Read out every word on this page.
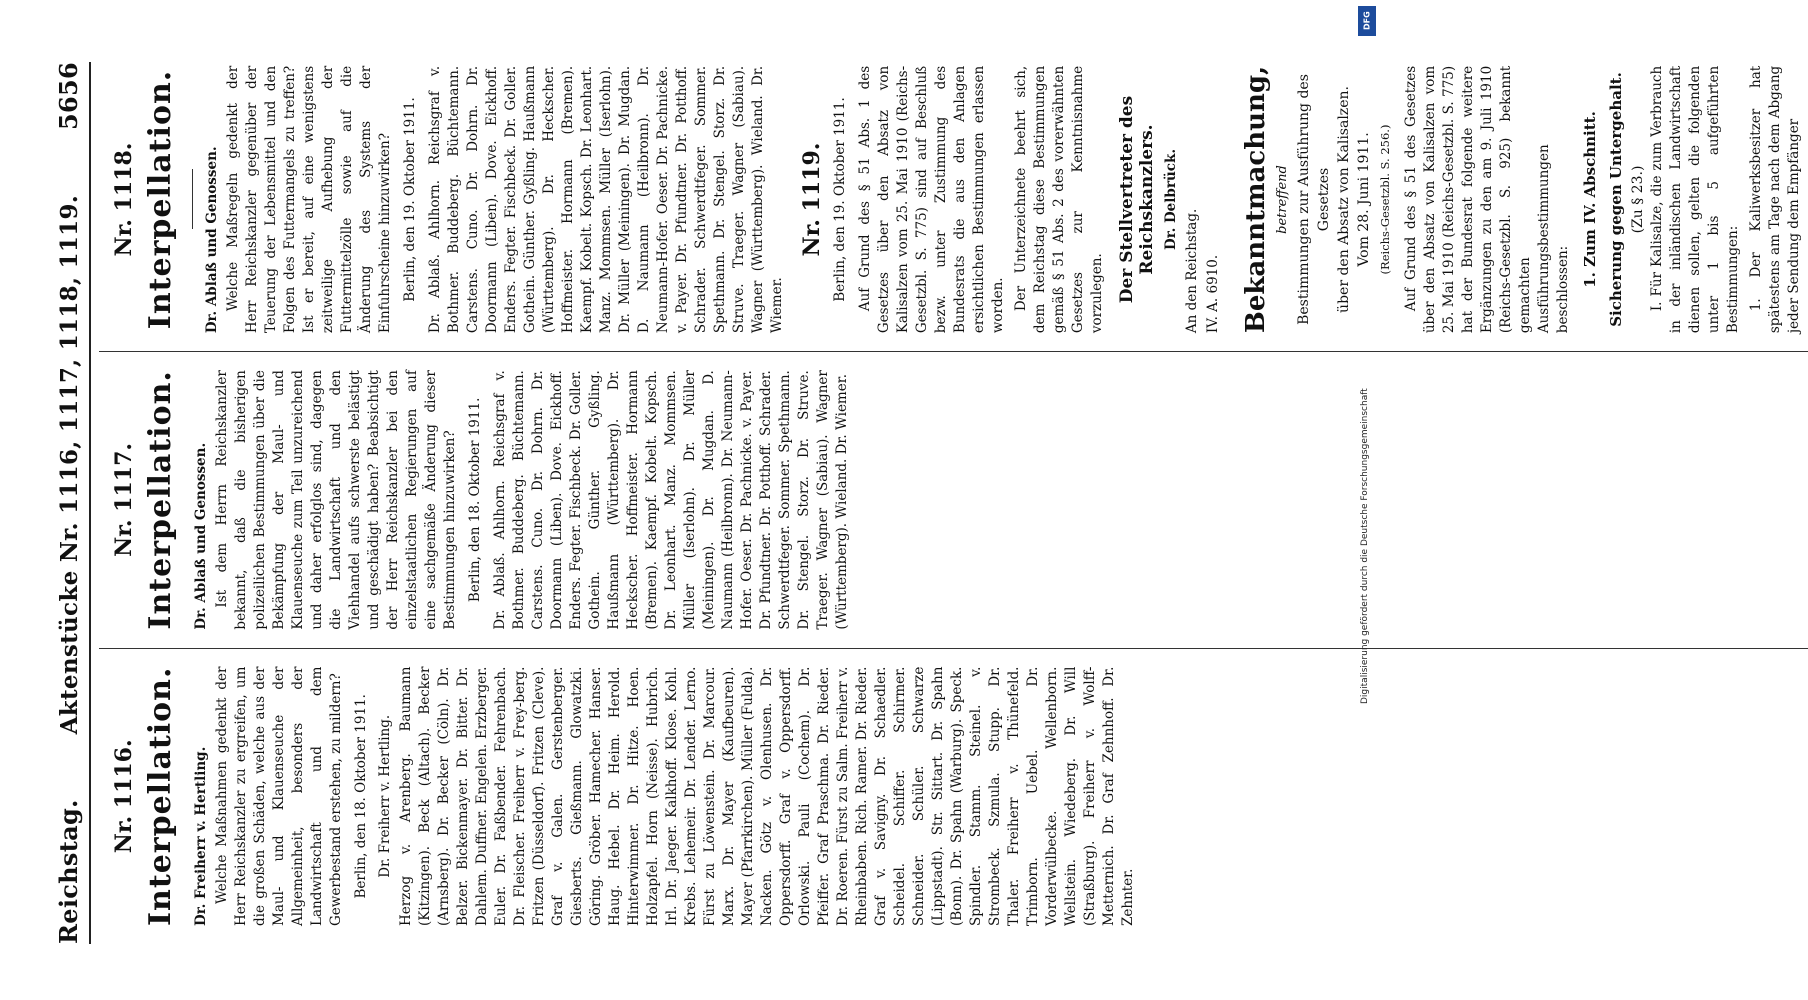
Reichstag.
Aktenstücke Nr. 1116, 1117, 1118, 1119.
5656
Nr. 1116. Interpellation. Dr. Freiherr v. Hertling. Welche Maßnahmen gedenkt der Herr Reichskanzler zu ergreifen, um die großen Schäden, welche aus der Maul- und Klauenseuche der Allgemeinheit, besonders der Landwirtschaft und dem Gewerbestand erstehen, zu mildern? Berlin, den 18. Oktober 1911. Dr. Freiherr v. Hertling. Herzog v. Arenberg. Baumann (Kitzingen). Beck (Altach). Becker (Arnsberg). Dr. Becker (Cöln). Dr. Belzer. Bickenmayer. Dr. Bitter. Dr. Dahlem. Duffner. Engelen. Erzberger. Euler. Dr. Faßbender. Fehrenbach. Dr. Fleischer. Freiherr v. Frey-berg. Fritzen (Düsseldorf). Fritzen (Cleve). Graf v. Galen. Gerstenberger. Giesberts. Gießmann. Glowatzki. Göring. Gröber. Hamecher. Hanser. Haug. Hebel. Dr. Heim. Herold. Hinterwimmer. Dr. Hitze. Hoen. Holzapfel. Horn (Neisse). Hubrich. Irl. Dr. Jaeger. Kalkhoff. Klose. Kohl. Krebs. Lehemeir. Dr. Lender. Lerno. Fürst zu Löwenstein. Dr. Marcour. Marx. Dr. Mayer (Kaufbeuren). Mayer (Pfarrkirchen). Müller (Fulda). Nacken. Götz v. Olenhusen. Dr. Oppersdorff. Graf v. Oppersdorff. Orlowski. Pauli (Cochem). Dr. Pfeiffer. Graf Praschma. Dr. Rieder. Dr. Roeren. Fürst zu Salm. Freiherr v. Rheinbaben. Rich. Ramer. Dr. Rieder. Graf v. Savigny. Dr. Schaedler. Scheidel. Schiffer. Schirmer. Schneider. Schüler. Schwarze (Lippstadt). Str. Sittart. Dr. Spahn (Bonn). Dr. Spahn (Warburg). Speck. Spindler. Stamm. Steinel. v. Strombeck. Szmula. Stupp. Dr. Thaler. Freiherr v. Thünefeld. Trimborn. Uebel. Dr. Vorderwülbecke. Wellenborn. Wellstein. Wiedeberg. Dr. Will (Straßburg). Freiherr v. Wolff-Metternich. Dr. Graf Zehnhoff. Dr. Zehnter.
Nr. 1117. Interpellation. Dr. Ablaß und Genossen. Ist dem Herrn Reichskanzler bekannt, daß die bisherigen polizeilichen Bestimmungen über die Bekämpfung der Maul- und Klauenseuche zum Teil unzureichend und daher erfolglos sind, dagegen die Landwirtschaft und den Viehhandel aufs schwerste belästigt und geschädigt haben? Beabsichtigt der Herr Reichskanzler bei den einzelstaatlichen Regierungen auf eine sachgemäße Änderung dieser Bestimmungen hinzuwirken? Berlin, den 18. Oktober 1911. Dr. Ablaß. Ahlhorn. Reichsgraf v. Bothmer. Buddeberg. Büchtemann. Carstens. Cuno. Dr. Dohrn. Dr. Doormann (Liben). Dove. Eickhoff. Enders. Fegter. Fischbeck. Dr. Goller. Gothein. Günther. Gyßling. Haußmann (Württemberg). Dr. Heckscher. Hoffmeister. Hormann (Bremen). Kaempf. Kobelt. Kopsch. Dr. Leonhart. Manz. Mommsen. Müller (Iserlohn). Dr. Müller (Meiningen). Dr. Mugdan. D. Naumann (Heilbronn). Dr. Neumann-Hofer. Oeser. Dr. Pachnicke. v. Payer. Dr. Pfundtner. Dr. Potthoff. Schrader. Schwerdtfeger. Sommer. Spethmann. Dr. Stengel. Storz. Dr. Struve. Traeger. Wagner (Sabiau). Wagner (Württemberg). Wieland. Dr. Wiemer.
Nr. 1118. Interpellation. Dr. Ablaß und Genossen. Welche Maßregeln gedenkt der Herr Reichskanzler gegenüber der Teuerung der Lebensmittel und den Folgen des Futtermangels zu treffen? Ist er bereit, auf eine wenigstens zeitweilige Aufhebung der Futtermittelzölle sowie auf die Änderung des Systems der Einfuhrscheine hinzuwirken? Berlin, den 19. Oktober 1911. Dr. Ablaß. Ahlhorn. Reichsgraf v. Bothmer. Buddeberg. Büchtemann. Carstens. Cuno. Dr. Dohrn. Dr. Doormann (Liben). Dove. Eickhoff. Enders. Fegter. Fischbeck. Dr. Goller. Gothein. Günther. Gyßling. Haußmann (Württemberg). Dr. Heckscher. Hoffmeister. Hormann (Bremen). Kaempf. Kobelt. Kopsch. Dr. Leonhart. Manz. Mommsen. Müller (Iserlohn). Dr. Müller (Meiningen). Dr. Mugdan. D. Naumann (Heilbronn). Dr. Neumann-Hofer. Oeser. Dr. Pachnicke. v. Payer. Dr. Pfundtner. Dr. Potthoff. Schrader. Schwerdtfeger. Sommer. Spethmann. Dr. Stengel. Storz. Dr. Struve. Traeger. Wagner (Sabiau). Wagner (Württemberg). Wieland. Dr. Wiemer.
Nr. 1119. Berlin, den 19. Oktober 1911. Auf Grund des § 51 Abs. 1 des Gesetzes über den Absatz von Kalisalzen vom 25. Mai 1910 (Reichs-Gesetzbl. S. 775) sind auf Beschluß bezw. unter Zustimmung des Bundesrats die aus den Anlagen ersichtlichen Bestimmungen erlassen worden. Der Unterzeichnete beehrt sich, dem Reichstag diese Bestimmungen gemäß § 51 Abs. 2 des vorerwähnten Gesetzes zur Kenntnisnahme vorzulegen. Der Stellvertreter des Reichskanzlers. Dr. Delbrück.
An den Reichstag. IV. A. 6910. Bekanntmachung, betreffend Bestimmungen zur Ausführung des Gesetzes über den Absatz von Kalisalzen. Vom 28. Juni 1911. (Reichs-Gesetzbl. S. 256.) Auf Grund des § 51 des Gesetzes über den Absatz von Kalisalzen vom 25. Mai 1910 (Reichs-Gesetzbl. S. 775) hat der Bundesrat folgende weitere Ergänzungen zu den am 9. Juli 1910 (Reichs-Gesetzbl. S. 925) bekannt gemachten Ausführungsbestimmungen beschlossen:
1. Zum IV. Abschnitt. Sicherung gegen Untergehalt. (Zu § 23.) I. Für Kalisalze, die zum Verbrauch in der inländischen Landwirtschaft dienen sollen, gelten die folgenden unter 1 bis 5 aufgeführten Bestimmungen: 1. Der Kaliwerksbesitzer hat spätestens am Tage nach dem Abgang jeder Sendung dem Empfänger
DFG
Digitalisierung gefördert durch die Deutsche Forschungsgemeinschaft
